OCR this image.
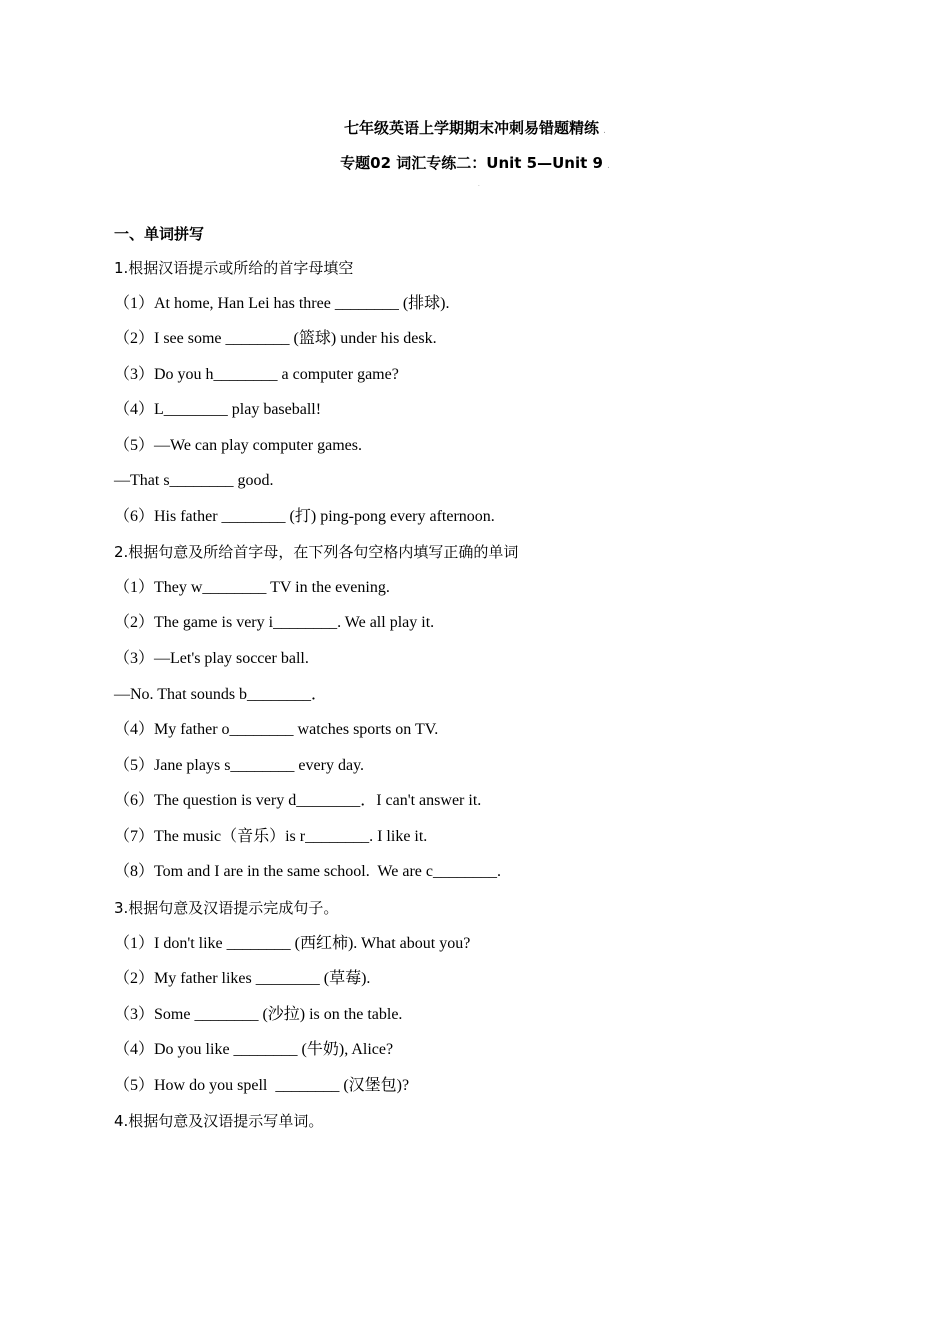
七年级英语上学期期末冲刺易错题精练 .
专题02 词汇专练二：Unit 5—Unit 9 .
.
一、单词拼写
1.根据汉语提示或所给的首字母填空
（1）At home, Han Lei has three ________ (排球).
（2）I see some ________ (篮球) under his desk.
（3）Do you h________ a computer game?
（4）L________ play baseball!
（5）—We can play computer games.
—That s________ good.
（6）His father ________ (打) ping-pong every afternoon.
2.根据句意及所给首字母，在下列各句空格内填写正确的单词
（1）They w________ TV in the evening.
（2）The game is very i________. We all play it.
（3）—Let's play soccer ball.
—No. That sounds b________．
（4）My father o________ watches sports on TV.
（5）Jane plays s________ every day.
（6）The question is very d________．I can't answer it.
（7）The music（音乐）is r________. I like it.
（8）Tom and I are in the same school.  We are c________.
3.根据句意及汉语提示完成句子。
（1）I don't like ________ (西红柿). What about you?
（2）My father likes ________ (草莓).
（3）Some ________ (沙拉) is on the table.
（4）Do you like ________ (牛奶), Alice?
（5）How do you spell  ________ (汉堡包)?
4.根据句意及汉语提示写单词。
